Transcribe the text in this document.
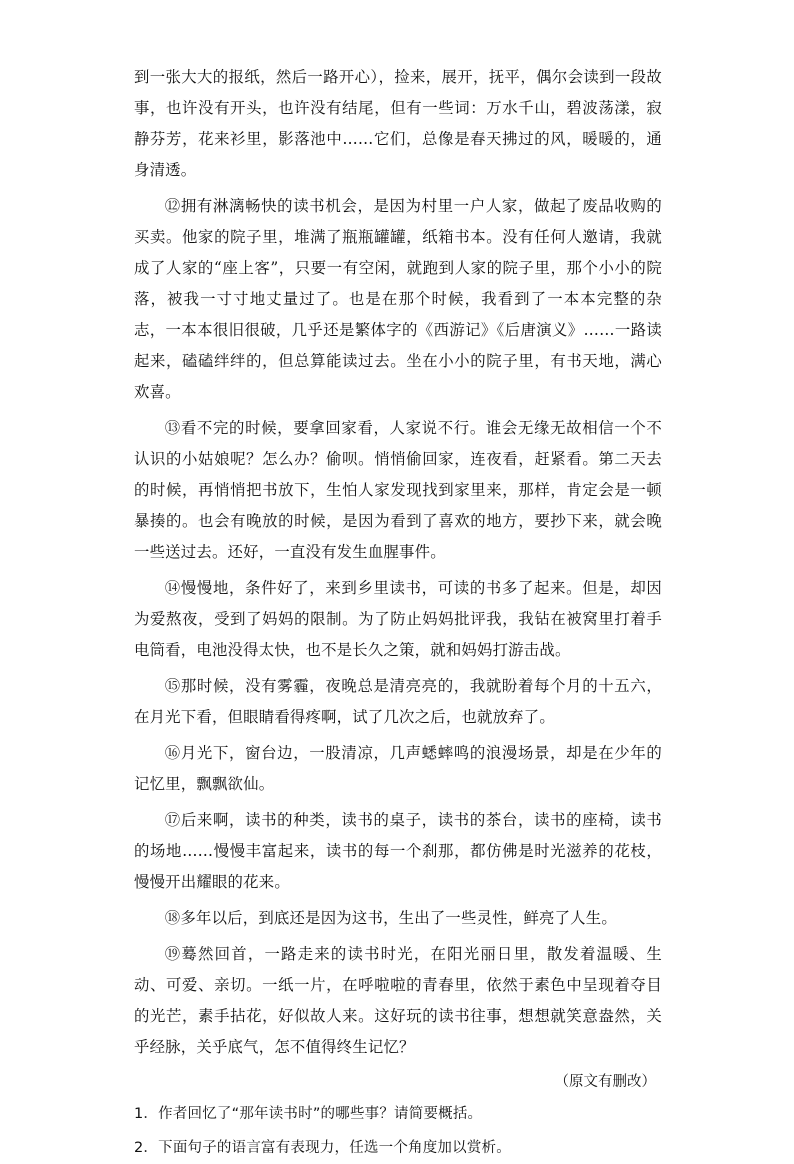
到一张大大的报纸，然后一路开心），捡来，展开，抚平，偶尔会读到一段故事，也许没有开头，也许没有结尾，但有一些词：万水千山，碧波荡漾，寂静芬芳，花来衫里，影落池中……它们，总像是春天拂过的风，暖暖的，通身清透。

⑫拥有淋漓畅快的读书机会，是因为村里一户人家，做起了废品收购的买卖。他家的院子里，堆满了瓶瓶罐罐，纸箱书本。没有任何人邀请，我就成了人家的“座上客”，只要一有空闲，就跑到人家的院子里，那个小小的院落，被我一寸寸地丈量过了。也是在那个时候，我看到了一本本完整的杂志，一本本很旧很破，几乎还是繁体字的《西游记》《后唐演义》……一路读起来，磕磕绊绊的，但总算能读过去。坐在小小的院子里，有书天地，满心欢喜。

⑬看不完的时候，要拿回家看，人家说不行。谁会无缘无故相信一个不认识的小姑娘呢？怎么办？偷呗。悄悄偷回家，连夜看，赶紧看。第二天去的时候，再悄悄把书放下，生怕人家发现找到家里来，那样，肯定会是一顿暴揍的。也会有晚放的时候，是因为看到了喜欢的地方，要抄下来，就会晚一些送过去。还好，一直没有发生血腥事件。

⑭慢慢地，条件好了，来到乡里读书，可读的书多了起来。但是，却因为爱熬夜，受到了妈妈的限制。为了防止妈妈批评我，我钻在被窝里打着手电筒看，电池没得太快，也不是长久之策，就和妈妈打游击战。

⑮那时候，没有雾霾，夜晚总是清亮亮的，我就盼着每个月的十五六，在月光下看，但眼睛看得疼啊，试了几次之后，也就放弃了。

⑯月光下，窗台边，一股清凉，几声蟋蟀鸣的浪漫场景，却是在少年的记忆里，飘飘欲仙。

⑰后来啊，读书的种类，读书的桌子，读书的茶台，读书的座椅，读书的场地……慢慢丰富起来，读书的每一个刹那，都仿佛是时光滋养的花枝，慢慢开出耀眼的花来。

⑱多年以后，到底还是因为这书，生出了一些灵性，鲜亮了人生。

⑲蓦然回首，一路走来的读书时光，在阳光丽日里，散发着温暖、生动、可爱、亲切。一纸一片，在呼啦啦的青春里，依然于素色中呈现着夺目的光芒，素手拈花，好似故人来。这好玩的读书往事，想想就笑意盎然，关乎经脉，关乎底气，怎不值得终生记忆？

（原文有删改）
1．作者回忆了“那年读书时”的哪些事？请简要概括。
2．下面句子的语言富有表现力，任选一个角度加以赏析。
